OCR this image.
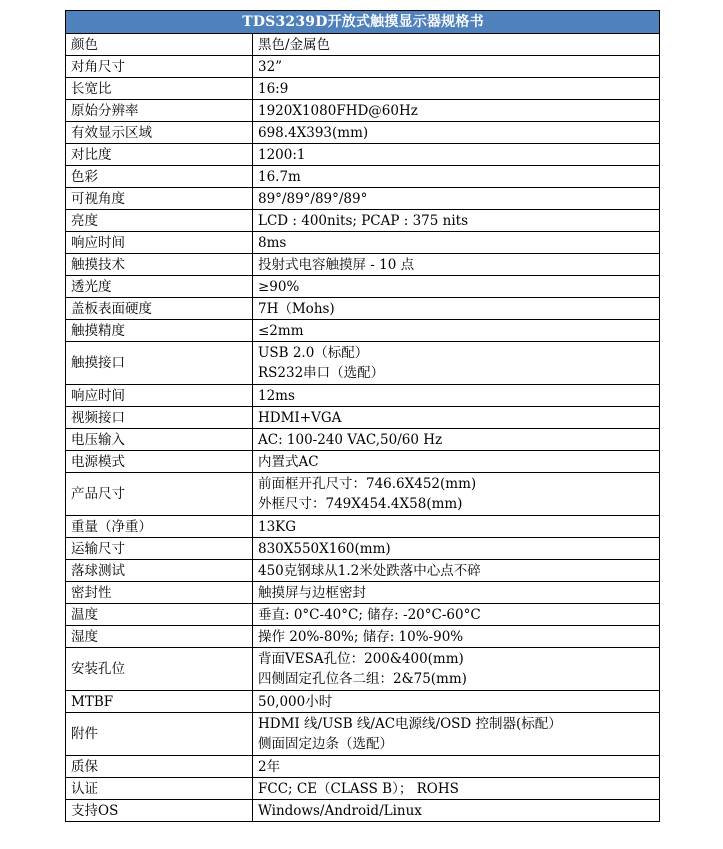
TDS3239D开放式触摸显示器规格书	
颜色	黑色/金属色

对角尺寸	32”

长宽比	16:9

原始分辨率	1920X1080FHD@60Hz

有效显示区域	698.4X393(mm)

对比度	1200:1

色彩	16.7m

可视角度	89°/89°/89°/89°

亮度	LCD : 400nits; PCAP : 375 nits

响应时间	8ms

触摸技术	投射式电容触摸屏 - 10 点

透光度	≥90%

盖板表面硬度	7H（Mohs)

触摸精度	≤2mm

触摸接口	USB 2.0（标配）
RS232串口（选配）

响应时间	12ms

视频接口	HDMI+VGA

电压输入	AC: 100-240 VAC,50/60 Hz

电源模式	内置式AC

产品尺寸	前面框开孔尺寸：746.6X452(mm)
外框尺寸：749X454.4X58(mm)

重量（净重）	13KG

运输尺寸	830X550X160(mm)

落球测试	450克钢球从1.2米处跌落中心点不碎

密封性	触摸屏与边框密封

温度	垂直: 0°C-40°C; 储存: -20°C-60°C

湿度	操作 20%-80%; 储存: 10%-90%

安装孔位	背面VESA孔位：200&400(mm)
四侧固定孔位各二组：2&75(mm)

MTBF	50,000小时

附件	HDMI 线/USB 线/AC电源线/OSD 控制器(标配）
侧面固定边条（选配）

质保	2年

认证	FCC; CE（CLASS B）； ROHS

支持OS	Windows/Android/Linux
